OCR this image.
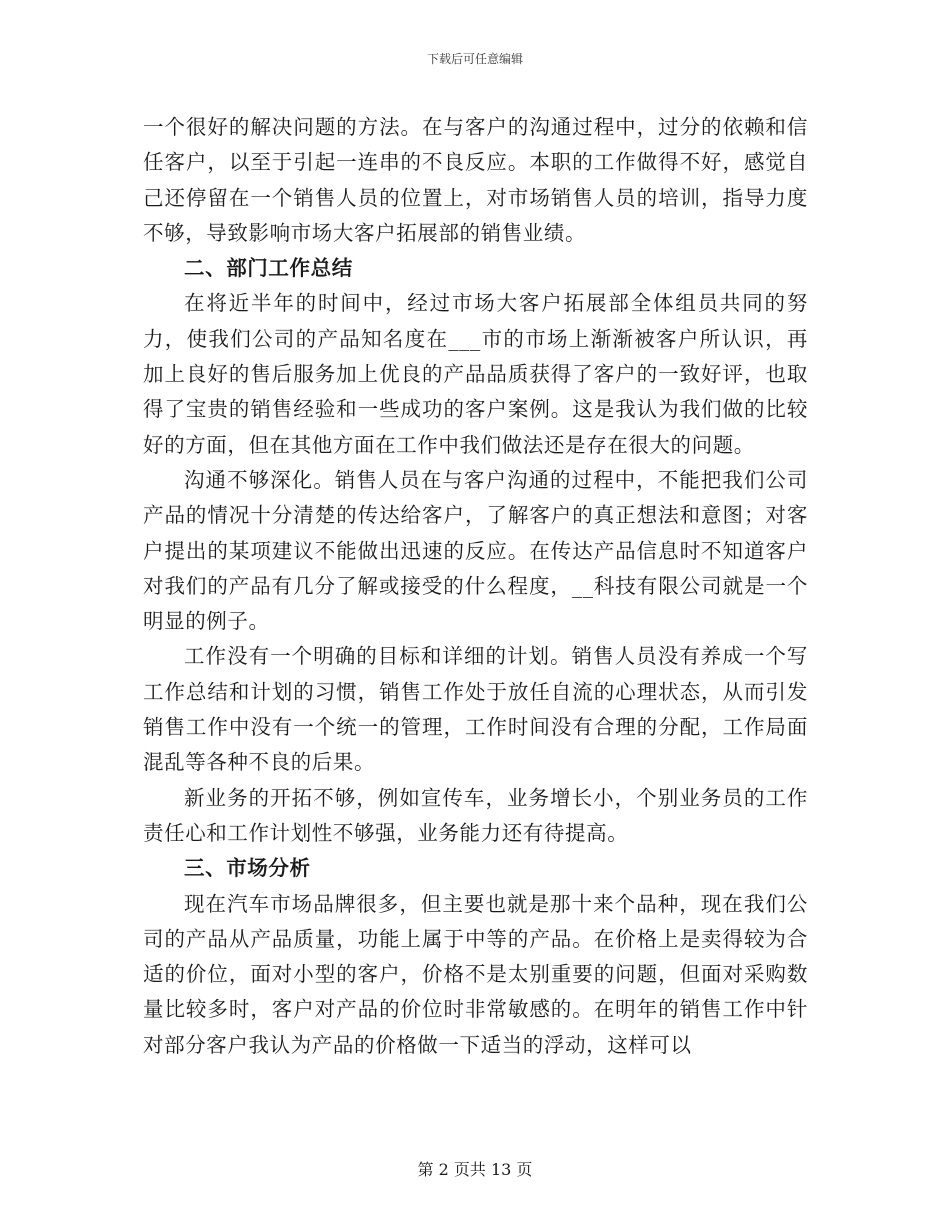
下载后可任意编辑

一个很好的解决问题的方法。在与客户的沟通过程中，过分的依赖和信任客户，以至于引起一连串的不良反应。本职的工作做得不好，感觉自己还停留在一个销售人员的位置上，对市场销售人员的培训，指导力度不够，导致影响市场大客户拓展部的销售业绩。

二、部门工作总结

在将近半年的时间中，经过市场大客户拓展部全体组员共同的努力，使我们公司的产品知名度在___市的市场上渐渐被客户所认识，再加上良好的售后服务加上优良的产品品质获得了客户的一致好评，也取得了宝贵的销售经验和一些成功的客户案例。这是我认为我们做的比较好的方面，但在其他方面在工作中我们做法还是存在很大的问题。

沟通不够深化。销售人员在与客户沟通的过程中，不能把我们公司产品的情况十分清楚的传达给客户，了解客户的真正想法和意图；对客户提出的某项建议不能做出迅速的反应。在传达产品信息时不知道客户对我们的产品有几分了解或接受的什么程度，__科技有限公司就是一个明显的例子。

工作没有一个明确的目标和详细的计划。销售人员没有养成一个写工作总结和计划的习惯，销售工作处于放任自流的心理状态，从而引发销售工作中没有一个统一的管理，工作时间没有合理的分配，工作局面混乱等各种不良的后果。

新业务的开拓不够，例如宣传车，业务增长小，个别业务员的工作责任心和工作计划性不够强，业务能力还有待提高。

三、市场分析

现在汽车市场品牌很多，但主要也就是那十来个品种，现在我们公司的产品从产品质量，功能上属于中等的产品。在价格上是卖得较为合适的价位，面对小型的客户，价格不是太别重要的问题，但面对采购数量比较多时，客户对产品的价位时非常敏感的。在明年的销售工作中针对部分客户我认为产品的价格做一下适当的浮动，这样可以

第 2 页共 13 页
